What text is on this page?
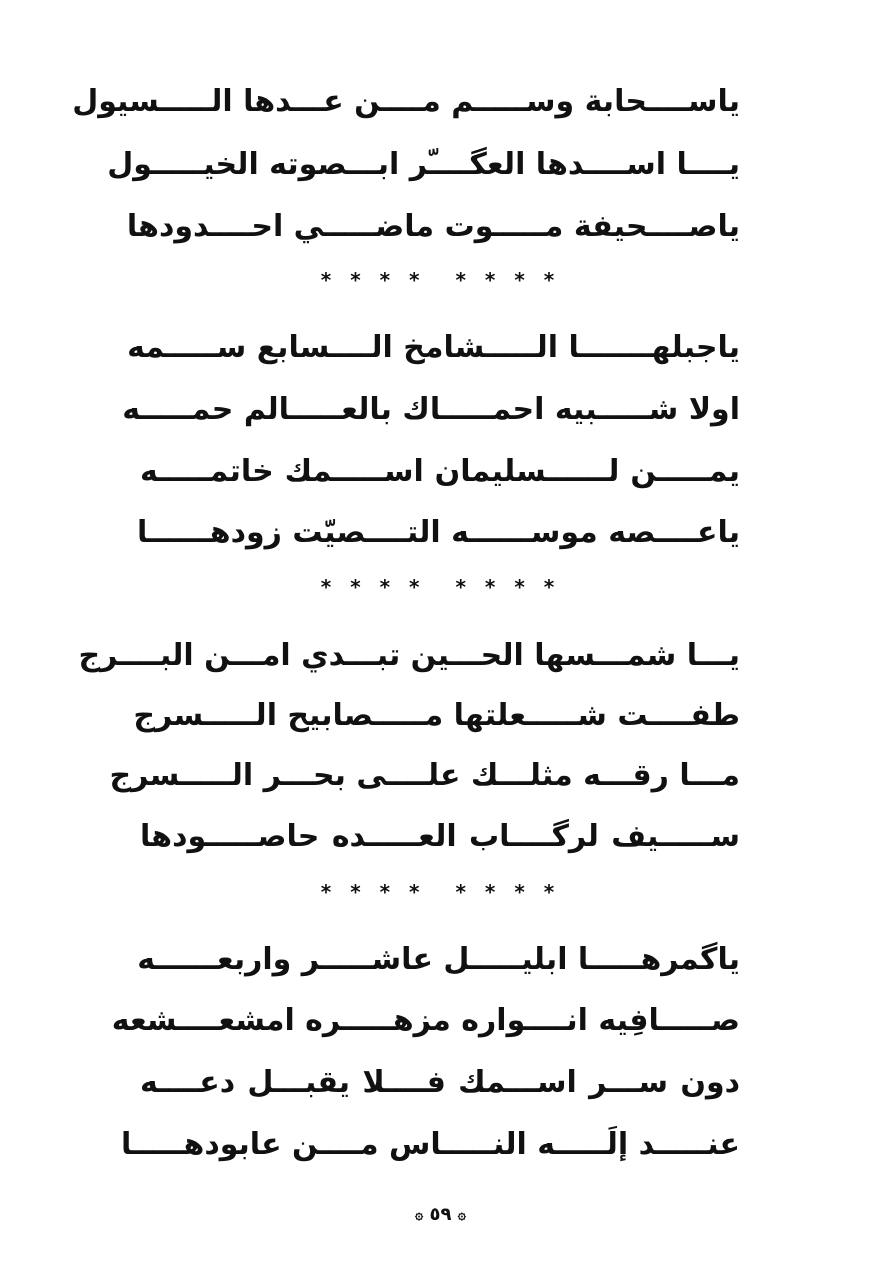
ياســــحابة وســـــم مــــن عـــدها الـــــسيول
يــــا اســــدها العگــــّر ابـــصوته الخيـــــول
ياصــــحيفة مـــــوت ماضـــــي احــــدودها
* * * * * * * *
ياجبلهـــــــا الـــــشامخ الــــسابع ســـــمه
اولا شـــــبيه احمـــــاك بالعـــــالم حمـــــه
يمـــــن لــــــسليمان اســـــمك خاتمـــــه
ياعــــصه موســــــه التــــصيّت زودهــــــا
* * * * * * * *
يـــا شمـــسها الحـــين تبـــدي امـــن البــــرج
طفــــت شـــــعلتها مـــــصابيح الـــــسرج
مـــا رقـــه مثلـــك علــــى بحـــر الـــــسرج
ســـــيف لرگــــاب العـــــده حاصـــــودها
* * * * * * * *
ياگمرهـــــا ابليـــــل عاشـــــر واربعــــــه
صـــــافِيه انــــواره مزهـــــره امشعــــشعه
دون ســـر اســـمك فــــلا يقبـــل دعــــه
عنـــــد إلَـــــه النـــــاس مــــن عابودهـــــا
۞ ٥٩ ۞
